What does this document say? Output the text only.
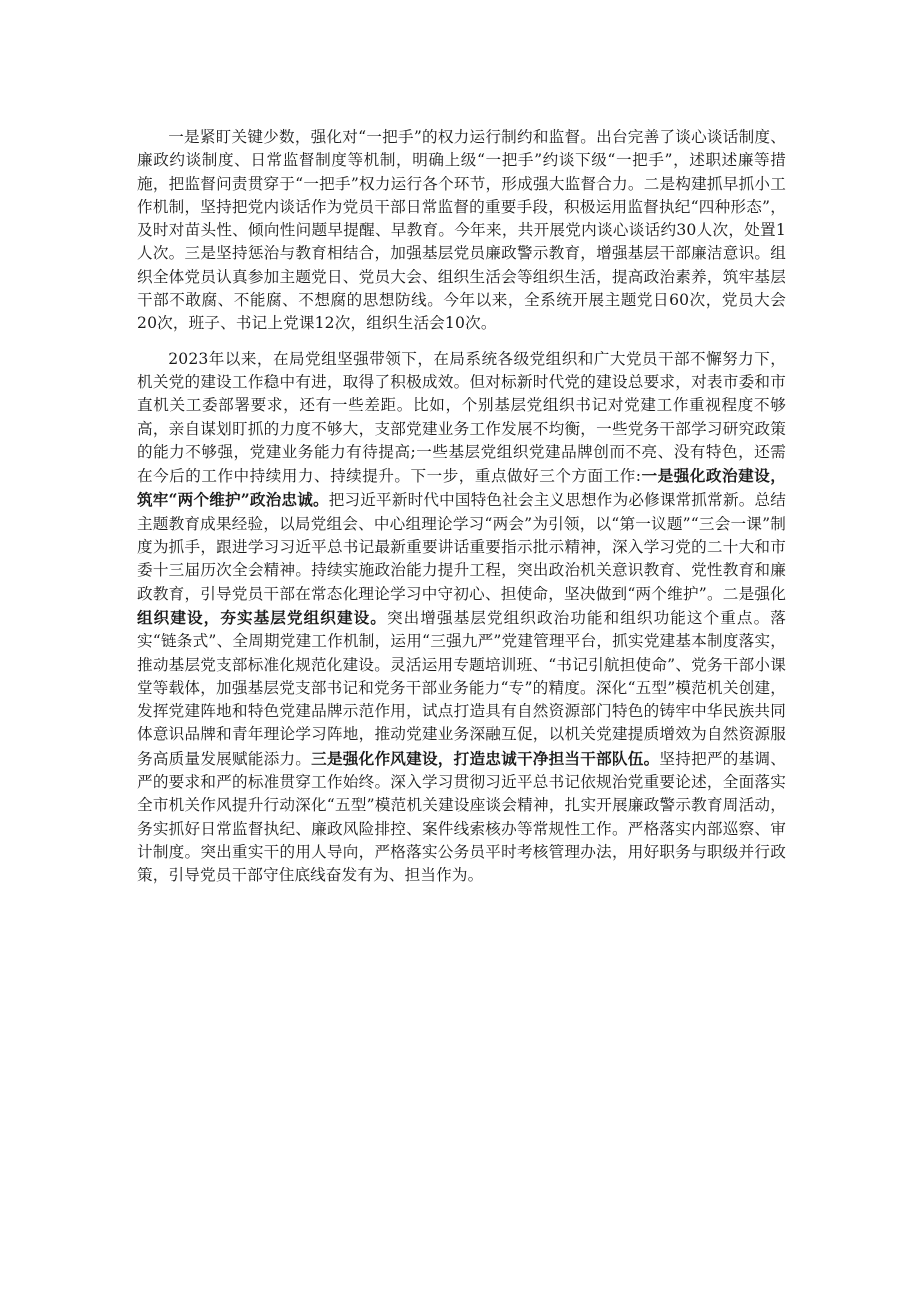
一是紧盯关键少数，强化对“一把手”的权力运行制约和监督。出台完善了谈心谈话制度、廉政约谈制度、日常监督制度等机制，明确上级“一把手”约谈下级“一把手”，述职述廉等措施，把监督问责贯穿于“一把手”权力运行各个环节，形成强大监督合力。二是构建抓早抓小工作机制，坚持把党内谈话作为党员干部日常监督的重要手段，积极运用监督执纪“四种形态”，及时对苗头性、倾向性问题早提醒、早教育。今年来，共开展党内谈心谈话约30人次，处置1人次。三是坚持惩治与教育相结合，加强基层党员廉政警示教育，增强基层干部廉洁意识。组织全体党员认真参加主题党日、党员大会、组织生活会等组织生活，提高政治素养，筑牢基层干部不敢腐、不能腐、不想腐的思想防线。今年以来，全系统开展主题党日60次，党员大会20次，班子、书记上党课12次，组织生活会10次。

2023年以来，在局党组坚强带领下，在局系统各级党组织和广大党员干部不懈努力下，机关党的建设工作稳中有进，取得了积极成效。但对标新时代党的建设总要求，对表市委和市直机关工委部署要求，还有一些差距。比如，个别基层党组织书记对党建工作重视程度不够高，亲自谋划盯抓的力度不够大，支部党建业务工作发展不均衡，一些党务干部学习研究政策的能力不够强，党建业务能力有待提高;一些基层党组织党建品牌创而不亮、没有特色，还需在今后的工作中持续用力、持续提升。下一步，重点做好三个方面工作:一是强化政治建设，筑牢“两个维护”政治忠诚。把习近平新时代中国特色社会主义思想作为必修课常抓常新。总结主题教育成果经验，以局党组会、中心组理论学习“两会”为引领，以“第一议题”“三会一课”制度为抓手，跟进学习习近平总书记最新重要讲话重要指示批示精神，深入学习党的二十大和市委十三届历次全会精神。持续实施政治能力提升工程，突出政治机关意识教育、党性教育和廉政教育，引导党员干部在常态化理论学习中守初心、担使命，坚决做到“两个维护”。二是强化组织建设，夯实基层党组织建设。突出增强基层党组织政治功能和组织功能这个重点。落实“链条式”、全周期党建工作机制，运用“三强九严”党建管理平台，抓实党建基本制度落实，推动基层党支部标准化规范化建设。灵活运用专题培训班、“书记引航担使命”、党务干部小课堂等载体，加强基层党支部书记和党务干部业务能力“专”的精度。深化“五型”模范机关创建，发挥党建阵地和特色党建品牌示范作用，试点打造具有自然资源部门特色的铸牢中华民族共同体意识品牌和青年理论学习阵地，推动党建业务深融互促，以机关党建提质增效为自然资源服务高质量发展赋能添力。三是强化作风建设，打造忠诚干净担当干部队伍。坚持把严的基调、严的要求和严的标准贯穿工作始终。深入学习贯彻习近平总书记依规治党重要论述，全面落实全市机关作风提升行动深化“五型”模范机关建设座谈会精神，扎实开展廉政警示教育周活动，务实抓好日常监督执纪、廉政风险排控、案件线索核办等常规性工作。严格落实内部巡察、审计制度。突出重实干的用人导向，严格落实公务员平时考核管理办法，用好职务与职级并行政策，引导党员干部守住底线奋发有为、担当作为。
